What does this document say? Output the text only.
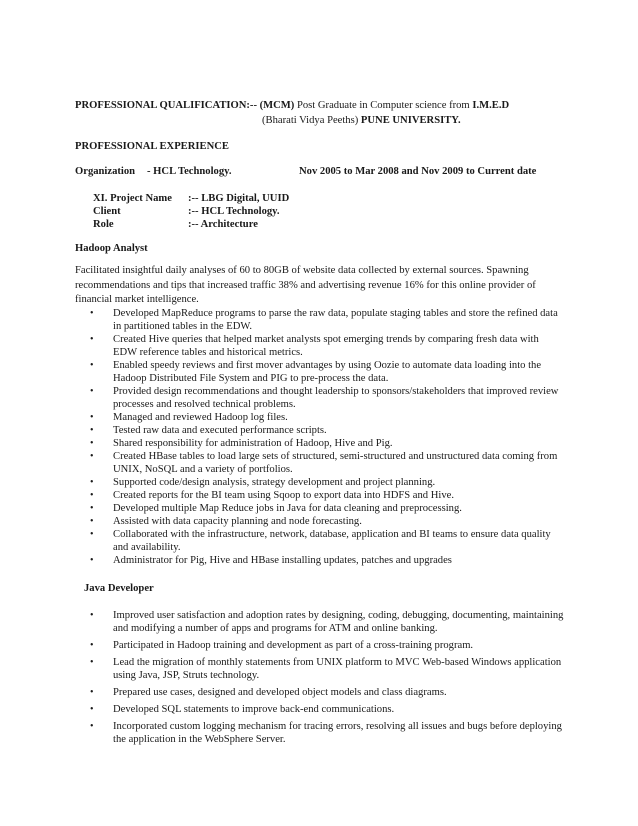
PROFESSIONAL QUALIFICATION:-- (MCM) Post Graduate in Computer science from I.M.E.D
(Bharati Vidya Peeths) PUNE UNIVERSITY.
PROFESSIONAL EXPERIENCE
Organization - HCL Technology.	Nov 2005 to Mar 2008 and Nov 2009 to Current date
XI. Project Name :-- LBG Digital, UUID
Client	:-- HCL Technology.
Role	:-- Architecture
Hadoop Analyst
Facilitated insightful daily analyses of 60 to 80GB of website data collected by external sources. Spawning recommendations and tips that increased traffic 38% and advertising revenue 16% for this online provider of financial market intelligence.
• Developed MapReduce programs to parse the raw data, populate staging tables and store the refined data in partitioned tables in the EDW.
• Created Hive queries that helped market analysts spot emerging trends by comparing fresh data with EDW reference tables and historical metrics.
• Enabled speedy reviews and first mover advantages by using Oozie to automate data loading into the Hadoop Distributed File System and PIG to pre-process the data.
• Provided design recommendations and thought leadership to sponsors/stakeholders that improved review processes and resolved technical problems.
• Managed and reviewed Hadoop log files.
• Tested raw data and executed performance scripts.
• Shared responsibility for administration of Hadoop, Hive and Pig.
• Created HBase tables to load large sets of structured, semi-structured and unstructured data coming from UNIX, NoSQL and a variety of portfolios.
• Supported code/design analysis, strategy development and project planning.
• Created reports for the BI team using Sqoop to export data into HDFS and Hive.
• Developed multiple Map Reduce jobs in Java for data cleaning and preprocessing.
• Assisted with data capacity planning and node forecasting.
• Collaborated with the infrastructure, network, database, application and BI teams to ensure data quality and availability.
• Administrator for Pig, Hive and HBase installing updates, patches and upgrades
Java Developer
• Improved user satisfaction and adoption rates by designing, coding, debugging, documenting, maintaining and modifying a number of apps and programs for ATM and online banking.
• Participated in Hadoop training and development as part of a cross-training program.
• Lead the migration of monthly statements from UNIX platform to MVC Web-based Windows application using Java, JSP, Struts technology.
• Prepared use cases, designed and developed object models and class diagrams.
• Developed SQL statements to improve back-end communications.
• Incorporated custom logging mechanism for tracing errors, resolving all issues and bugs before deploying the application in the WebSphere Server.
